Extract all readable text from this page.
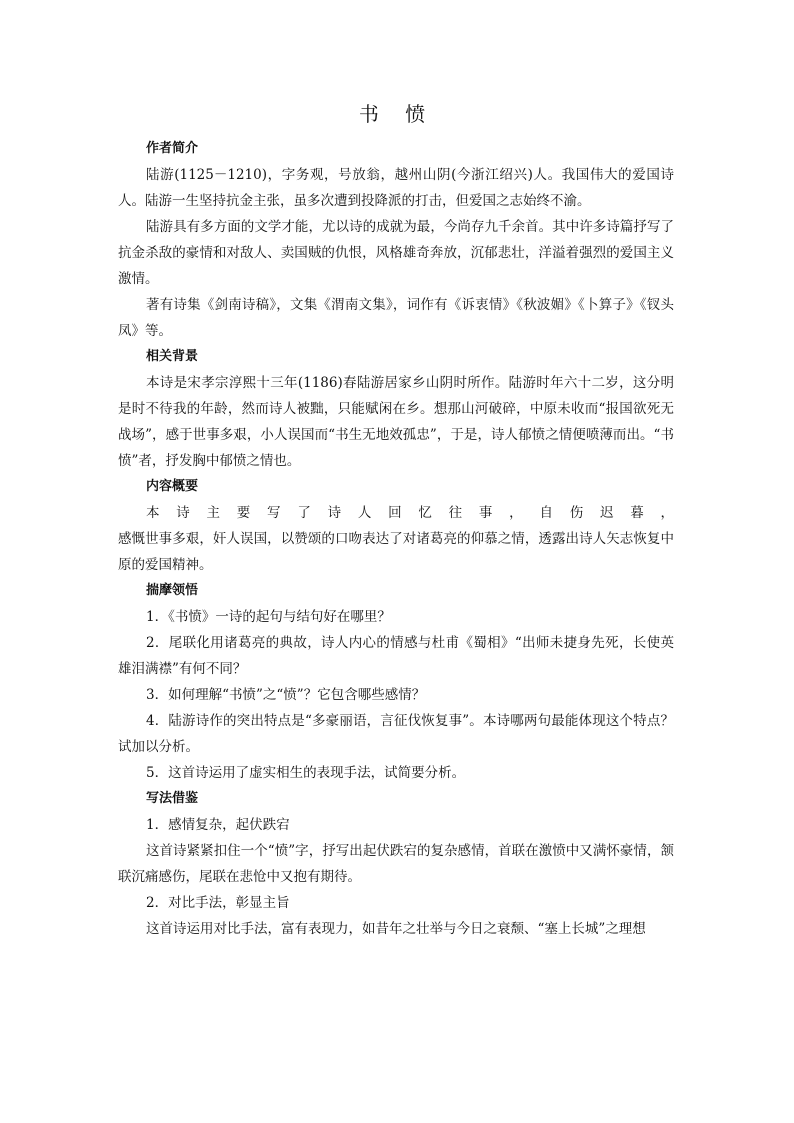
书 愤
作者简介

陆游(1125－1210)，字务观，号放翁，越州山阴(今浙江绍兴)人。我国伟大的爱国诗人。陆游一生坚持抗金主张，虽多次遭到投降派的打击，但爱国之志始终不渝。

陆游具有多方面的文学才能，尤以诗的成就为最，今尚存九千余首。其中许多诗篇抒写了抗金杀敌的豪情和对敌人、卖国贼的仇恨，风格雄奇奔放，沉郁悲壮，洋溢着强烈的爱国主义激情。

著有诗集《剑南诗稿》，文集《渭南文集》，词作有《诉衷情》《秋波媚》《卜算子》《钗头凤》等。

相关背景

本诗是宋孝宗淳熙十三年(1186)春陆游居家乡山阴时所作。陆游时年六十二岁，这分明是时不待我的年龄，然而诗人被黜，只能赋闲在乡。想那山河破碎，中原未收而“报国欲死无战场”，感于世事多艰，小人误国而“书生无地效孤忠”，于是，诗人郁愤之情便喷薄而出。“书愤”者，抒发胸中郁愤之情也。

内容概要

本诗主要写了诗人回忆往事，自伤迟暮，

感慨世事多艰，奸人误国，以赞颂的口吻表达了对诸葛亮的仰慕之情，透露出诗人矢志恢复中原的爱国精神。

揣摩领悟

1．《书愤》一诗的起句与结句好在哪里？

2．尾联化用诸葛亮的典故，诗人内心的情感与杜甫《蜀相》“出师未捷身先死，长使英雄泪满襟”有何不同？

3．如何理解“书愤”之“愤”？它包含哪些感情？

4．陆游诗作的突出特点是“多豪丽语，言征伐恢复事”。本诗哪两句最能体现这个特点？试加以分析。

5．这首诗运用了虚实相生的表现手法，试简要分析。

写法借鉴

1．感情复杂，起伏跌宕

这首诗紧紧扣住一个“愤”字，抒写出起伏跌宕的复杂感情，首联在激愤中又满怀豪情，颔联沉痛感伤，尾联在悲怆中又抱有期待。

2．对比手法，彰显主旨

这首诗运用对比手法，富有表现力，如昔年之壮举与今日之衰颓、“塞上长城”之理想
